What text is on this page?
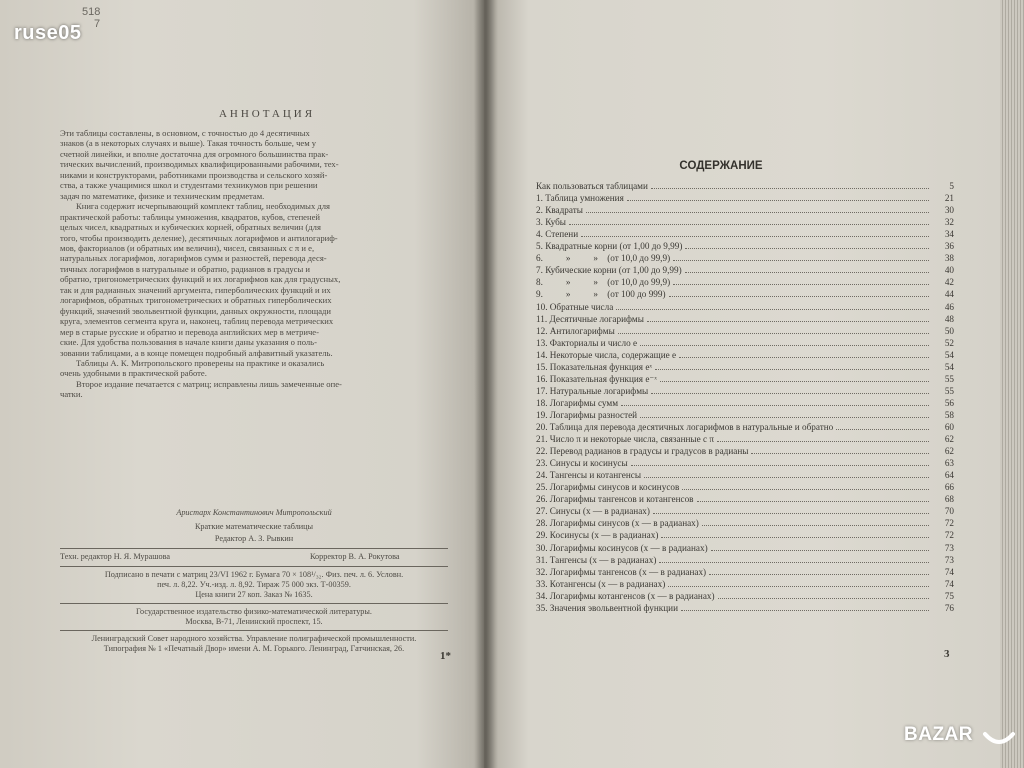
518
7
АННОТАЦИЯ
Эти таблицы составлены, в основном, с точностью до 4 десятичных
знаков (а в некоторых случаях и выше). Такая точность больше, чем у
счетной линейки, и вполне достаточна для огромного большинства прак-
тических вычислений, производимых квалифицированными рабочими, тех-
никами и конструкторами, работниками производства и сельского хозяй-
ства, а также учащимися школ и студентами техникумов при решении
задач по математике, физике и техническим предметам.
Книга содержит исчерпывающий комплект таблиц, необходимых для
практической работы: таблицы умножения, квадратов, кубов, степеней
целых чисел, квадратных и кубических корней, обратных величин (для
того, чтобы производить деление), десятичных логарифмов и антилогариф-
мов, факториалов (и обратных им величин), чисел, связанных с π и e,
натуральных логарифмов, логарифмов сумм и разностей, перевода деся-
тичных логарифмов в натуральные и обратно, радианов в градусы и
обратно, тригонометрических функций и их логарифмов как для градусных,
так и для радианных значений аргумента, гиперболических функций и их
логарифмов, обратных тригонометрических и обратных гиперболических
функций, значений эвольвентной функции, данных окружности, площади
круга, элементов сегмента круга и, наконец, таблиц перевода метрических
мер в старые русские и обратно и перевода английских мер в метриче-
ские. Для удобства пользования в начале книги даны указания о поль-
зовании таблицами, а в конце помещен подробный алфавитный указатель.
Таблицы А. К. Митропольского проверены на практике и оказались
очень удобными в практической работе.
Второе издание печатается с матриц; исправлены лишь замеченные опе-
чатки.
Аристарх Константинович Митропольский
Краткие математические таблицы
Редактор А. З. Рывкин
Техн. редактор Н. Я. Мурашова	Корректор В. А. Рокутова
Подписано в печати с матриц 23/VI 1962 г. Бумага 70 × 108¹/₃₂. Физ. печ. л. 6. Условн.
печ. л. 8,22. Уч.-изд. л. 8,92. Тираж 75 000 экз. Т-00359.
Цена книги 27 коп. Заказ № 1635.
Государственное издательство физико-математической литературы.
Москва, В-71, Ленинский проспект, 15.
Ленинградский Совет народного хозяйства. Управление полиграфической промышленности.
Типография № 1 «Печатный Двор» имени А. М. Горького. Ленинград, Гатчинская, 26.
1*
СОДЕРЖАНИЕ
Как пользоваться таблицами	5
1. Таблица умножения	21
2. Квадраты	30
3. Кубы	32
4. Степени	34
5. Квадратные корни (от 1,00 до 9,99)	36
6.          »          »    (от 10,0 до 99,9)	38
7. Кубические корни (от 1,00 до 9,99)	40
8.          »          »    (от 10,0 до 99,9)	42
9.          »          »    (от 100 до 999)	44
10. Обратные числа	46
11. Десятичные логарифмы	48
12. Антилогарифмы	50
13. Факториалы и число e	52
14. Некоторые числа, содержащие e	54
15. Показательная функция eˣ	54
16. Показательная функция e⁻ˣ	55
17. Натуральные логарифмы	55
18. Логарифмы сумм	56
19. Логарифмы разностей	58
20. Таблица для перевода десятичных логарифмов в натуральные и обратно	60
21. Число π и некоторые числа, связанные с π	62
22. Перевод радианов в градусы и градусов в радианы	62
23. Синусы и косинусы	63
24. Тангенсы и котангенсы	64
25. Логарифмы синусов и косинусов	66
26. Логарифмы тангенсов и котангенсов	68
27. Синусы (x — в радианах)	70
28. Логарифмы синусов (x — в радианах)	72
29. Косинусы (x — в радианах)	72
30. Логарифмы косинусов (x — в радианах)	73
31. Тангенсы (x — в радианах)	73
32. Логарифмы тангенсов (x — в радианах)	74
33. Котангенсы (x — в радианах)	74
34. Логарифмы котангенсов (x — в радианах)	75
35. Значения эвольвентной функции	76
3
ruse05
BAZAR
